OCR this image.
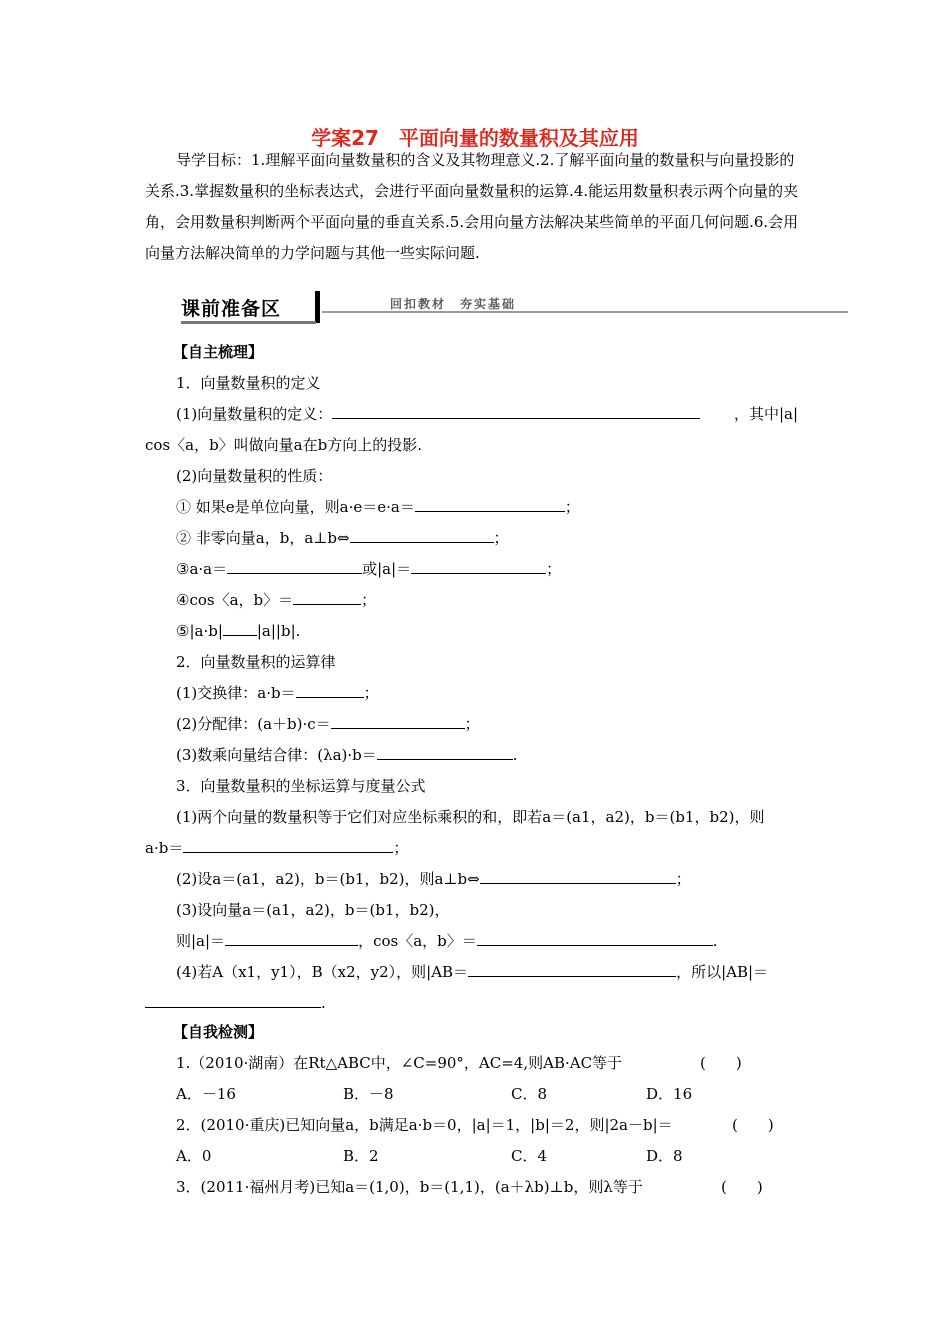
学案27　平面向量的数量积及其应用
导学目标：1.理解平面向量数量积的含义及其物理意义.2.了解平面向量的数量积与向量投影的关系.3.掌握数量积的坐标表达式，会进行平面向量数量积的运算.4.能运用数量积表示两个向量的夹角，会用数量积判断两个平面向量的垂直关系.5.会用向量方法解决某些简单的平面几何问题.6.会用向量方法解决简单的力学问题与其他一些实际问题.
课前准备区	回扣教材　夯实基础
【自主梳理】
1．向量数量积的定义
(1)向量数量积的定义：	，其中|a|
cos〈a，b〉叫做向量a在b方向上的投影.
(2)向量数量积的性质：
① 如果e是单位向量，则a·e＝e·a＝	；
② 非零向量a，b，a⊥b⇔	；
③a·a＝	或|a|＝	；
④cos〈a，b〉＝	；
⑤|a·b| |a||b|.
2．向量数量积的运算律
(1)交换律：a·b＝	；
(2)分配律：(a＋b)·c＝	；
(3)数乘向量结合律：(λa)·b＝	.
3．向量数量积的坐标运算与度量公式
(1)两个向量的数量积等于它们对应坐标乘积的和，即若a＝(a1，a2)，b＝(b1，b2)，则
a·b＝	；
(2)设a＝(a1，a2)，b＝(b1，b2)，则a⊥b⇔	；
(3)设向量a＝(a1，a2)，b＝(b1，b2)，
则|a|＝	，cos〈a，b〉＝	.
(4)若A（x1，y1），B（x2，y2），则|AB＝	，所以|AB|＝
.
【自我检测】
1.（2010·湖南）在Rt△ABC中，∠C=90°，AC=4,则AB·AC等于	(　　)
A．－16	B．－8	C．8	D．16
2．(2010·重庆)已知向量a，b满足a·b＝0，|a|＝1，|b|＝2，则|2a－b|＝	(　　)
A．0	B．2	C．4	D．8
3．(2011·福州月考)已知a＝(1,0)，b＝(1,1)，(a＋λb)⊥b，则λ等于	(　　)
